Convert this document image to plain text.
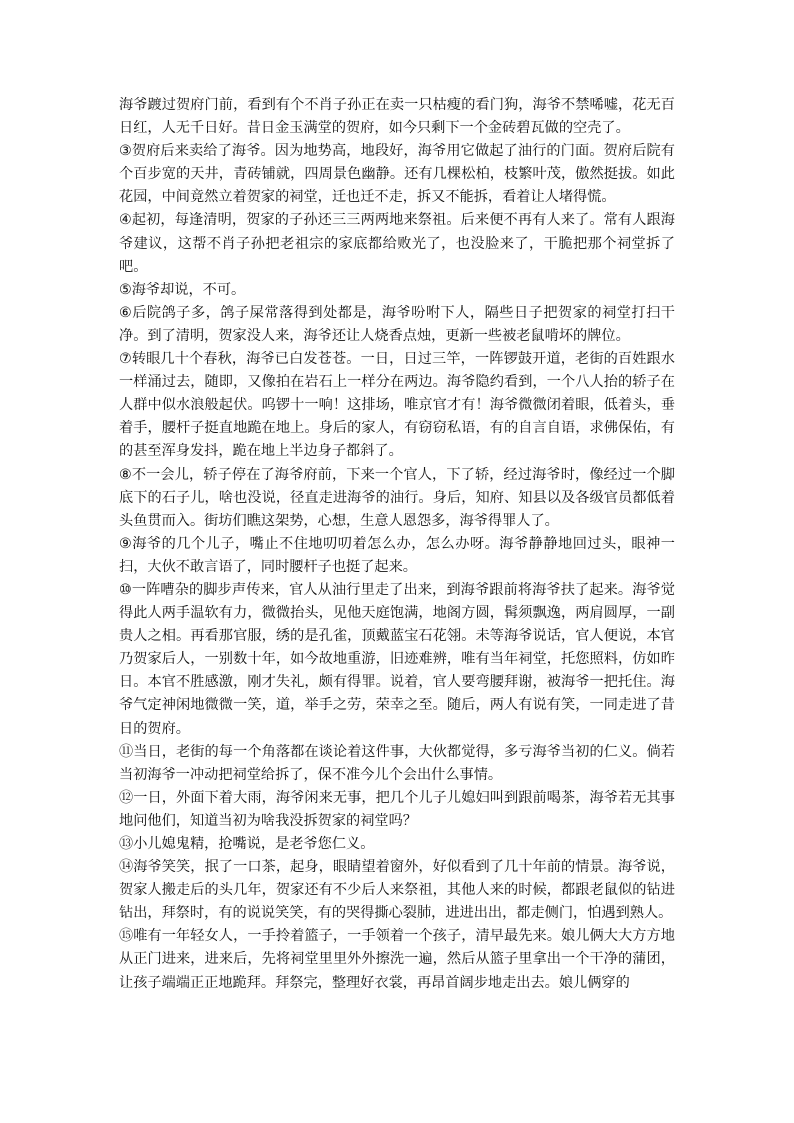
海爷踱过贺府门前，看到有个不肖子孙正在卖一只枯瘦的看门狗，海爷不禁唏嘘，花无百日红，人无千日好。昔日金玉满堂的贺府，如今只剩下一个金砖碧瓦做的空壳了。

③贺府后来卖给了海爷。因为地势高，地段好，海爷用它做起了油行的门面。贺府后院有个百步宽的天井，青砖铺就，四周景色幽静。还有几棵松柏，枝繁叶茂，傲然挺拔。如此花园，中间竟然立着贺家的祠堂，迁也迁不走，拆又不能拆，看着让人堵得慌。

④起初，每逢清明，贺家的子孙还三三两两地来祭祖。后来便不再有人来了。常有人跟海爷建议，这帮不肖子孙把老祖宗的家底都给败光了，也没脸来了，干脆把那个祠堂拆了吧。

⑤海爷却说，不可。

⑥后院鸽子多，鸽子屎常落得到处都是，海爷吩咐下人，隔些日子把贺家的祠堂打扫干净。到了清明，贺家没人来，海爷还让人烧香点烛，更新一些被老鼠啃坏的牌位。

⑦转眼几十个春秋，海爷已白发苍苍。一日，日过三竿，一阵锣鼓开道，老街的百姓跟水一样涌过去，随即，又像拍在岩石上一样分在两边。海爷隐约看到，一个八人抬的轿子在人群中似水浪般起伏。呜锣十一响！这排场，唯京官才有！海爷微微闭着眼，低着头，垂着手，腰杆子挺直地跪在地上。身后的家人，有窃窃私语，有的自言自语，求佛保佑，有的甚至浑身发抖，跪在地上半边身子都斜了。

⑧不一会儿，轿子停在了海爷府前，下来一个官人，下了轿，经过海爷时，像经过一个脚底下的石子儿，啥也没说，径直走进海爷的油行。身后，知府、知县以及各级官员都低着头鱼贯而入。街坊们瞧这架势，心想，生意人恩怨多，海爷得罪人了。

⑨海爷的几个儿子，嘴止不住地叨叨着怎么办，怎么办呀。海爷静静地回过头，眼神一扫，大伙不敢言语了，同时腰杆子也挺了起来。

⑩一阵嘈杂的脚步声传来，官人从油行里走了出来，到海爷跟前将海爷扶了起来。海爷觉得此人两手温软有力，微微抬头，见他天庭饱满，地阁方圆，髯须飘逸，两肩圆厚，一副贵人之相。再看那官服，绣的是孔雀，顶戴蓝宝石花翎。未等海爷说话，官人便说，本官乃贺家后人，一别数十年，如今故地重游，旧迹难辨，唯有当年祠堂，托您照料，仿如昨日。本官不胜感激，刚才失礼，颇有得罪。说着，官人要弯腰拜谢，被海爷一把托住。海爷气定神闲地微微一笑，道，举手之劳，荣幸之至。随后，两人有说有笑，一同走进了昔日的贺府。

⑪当日，老街的每一个角落都在谈论着这件事，大伙都觉得，多亏海爷当初的仁义。倘若当初海爷一冲动把祠堂给拆了，保不准今儿个会出什么事情。

⑫一日，外面下着大雨，海爷闲来无事，把几个儿子儿媳妇叫到跟前喝茶，海爷若无其事地问他们，知道当初为啥我没拆贺家的祠堂吗？

⑬小儿媳鬼精，抢嘴说，是老爷您仁义。

⑭海爷笑笑，抿了一口茶，起身，眼睛望着窗外，好似看到了几十年前的情景。海爷说，贺家人搬走后的头几年，贺家还有不少后人来祭祖，其他人来的时候，都跟老鼠似的钻进钻出，拜祭时，有的说说笑笑，有的哭得撕心裂肺，进进出出，都走侧门，怕遇到熟人。

⑮唯有一年轻女人，一手拎着篮子，一手领着一个孩子，清早最先来。娘儿俩大大方方地从正门进来，进来后，先将祠堂里里外外擦洗一遍，然后从篮子里拿出一个干净的蒲团，让孩子端端正正地跪拜。拜祭完，整理好衣裳，再昂首阔步地走出去。娘儿俩穿的
